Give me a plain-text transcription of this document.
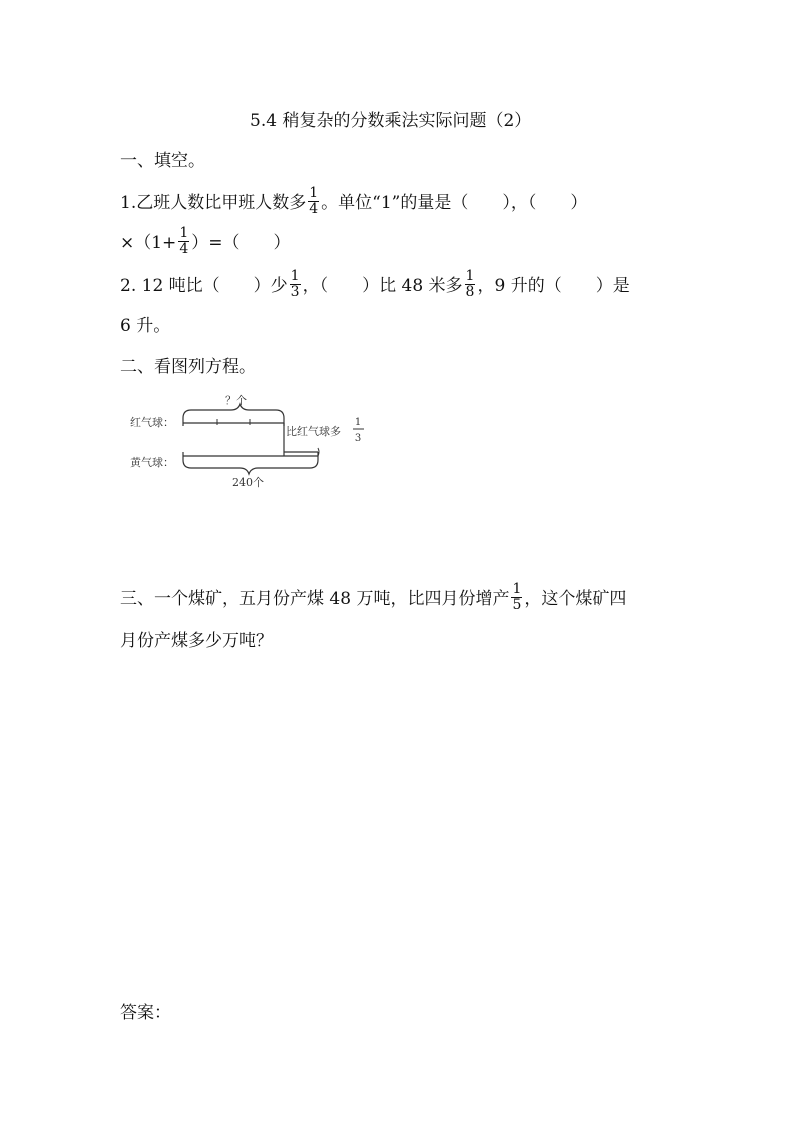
5.4 稍复杂的分数乘法实际问题（2）
一、填空。
1.乙班人数比甲班人数多 $\frac{1}{4}$ 。单位“1”的量是（　　），（　　）
$\times(1+ \frac{1}{4}$ ）=（　　）
2. 12 吨比（　　）少 $\frac{1}{3}$ ，（　　）比 48 米多 $\frac{1}{8}$ ，9 升的（　　）是
6 升。
二、看图列方程。
红气球：
黄气球：
？个
比红气球多
1
3
240个
三、一个煤矿，五月份产煤 48 万吨，比四月份增产 $\frac{1}{5}$ ，这个煤矿四
月份产煤多少万吨？
答案：
